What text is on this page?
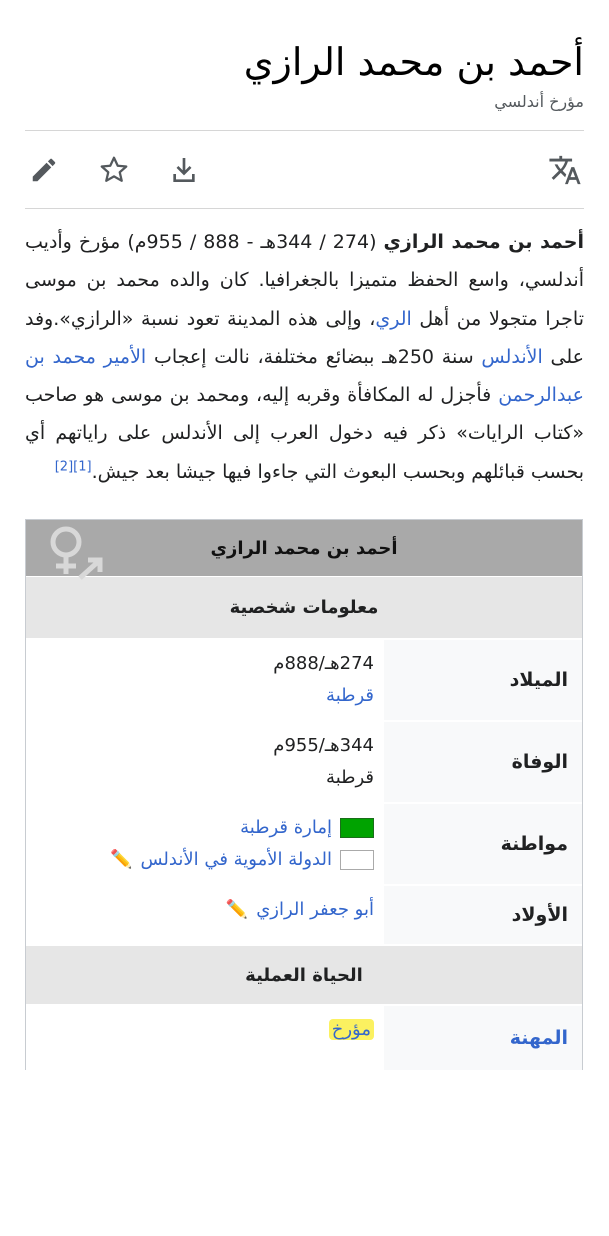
أحمد بن محمد الرازي
مؤرخ أندلسي

أحمد بن محمد الرازي (274 / 344هـ - 888 / 955م) مؤرخ وأديب أندلسي، واسع الحفظ متميزا بالجغرافيا. كان والده محمد بن موسى تاجرا متجولا من أهل الري، وإلى هذه المدينة تعود نسبة «الرازي».وفد على الأندلس سنة 250هـ ببضائع مختلفة، نالت إعجاب الأمير محمد بن عبدالرحمن فأجزل له المكافأة وقربه إليه، ومحمد بن موسى هو صاحب «كتاب الرايات» ذكر فيه دخول العرب إلى الأندلس على راياتهم أي بحسب قبائلهم وبحسب البعوث التي جاءوا فيها جيشا بعد جيش.[1][2]

أحمد بن محمد الرازي
معلومات شخصية
الميلاد
274هـ/888م
قرطبة
الوفاة
344هـ/955م
قرطبة
مواطنة
إمارة قرطبة
الدولة الأموية في الأندلس✏️
الأولاد
أبو جعفر الرازي✏️
الحياة العملية
المهنة
مؤرخ
